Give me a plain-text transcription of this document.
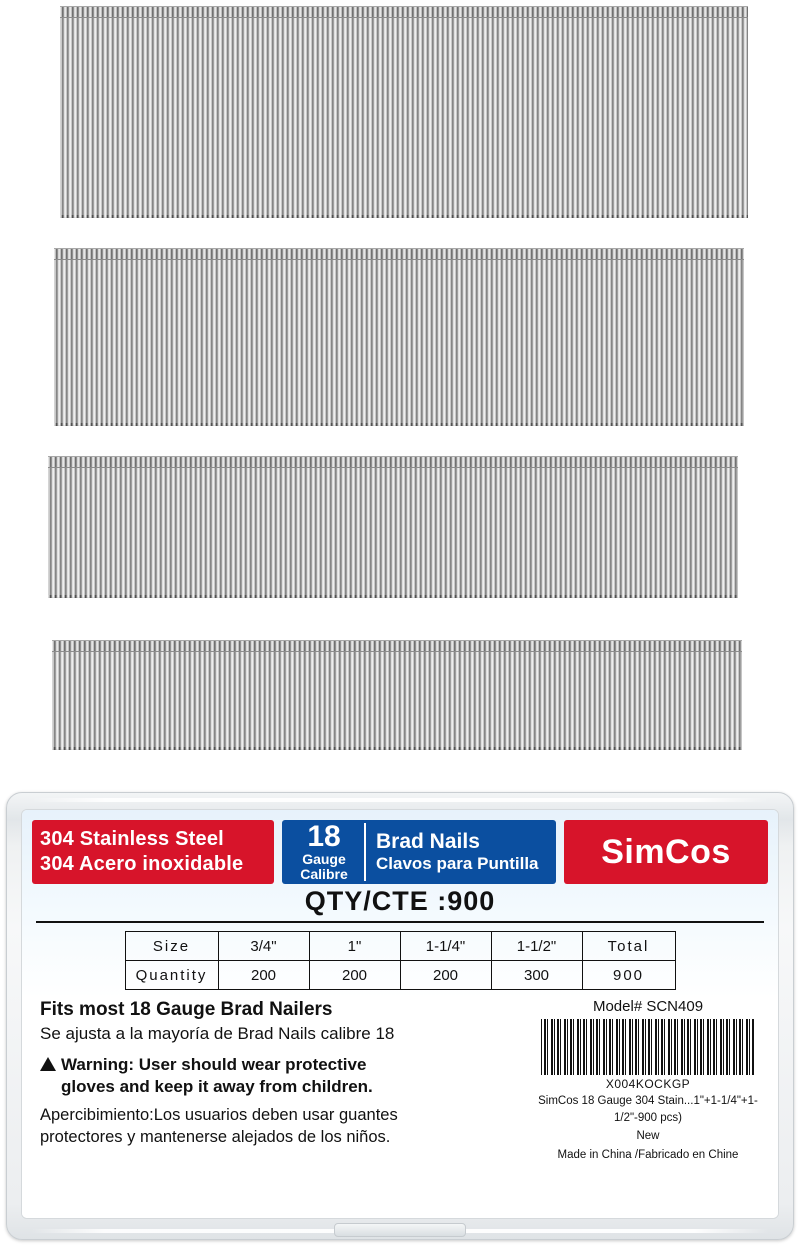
304 Stainless Steel
304 Acero inoxidable
18
Gauge
Calibre
Brad Nails
Clavos para Puntilla	SimCos
QTY/CTE :900
Size	3/4"	1"	1-1/4"	1-1/2"	Total
Quantity	200	200	200	300	900
Fits most 18 Gauge Brad Nailers
Se ajusta a la mayoría de Brad Nails calibre 18
Warning: User should wear protective
gloves and keep it away from children.
Apercibimiento:Los usuarios deben usar guantes
protectores y mantenerse alejados de los niños.
Model# SCN409
X004KOCKGP
SimCos 18 Gauge 304 Stain...1"+1-1/4"+1-1/2"-900 pcs)
New
Made in China /Fabricado en Chine
